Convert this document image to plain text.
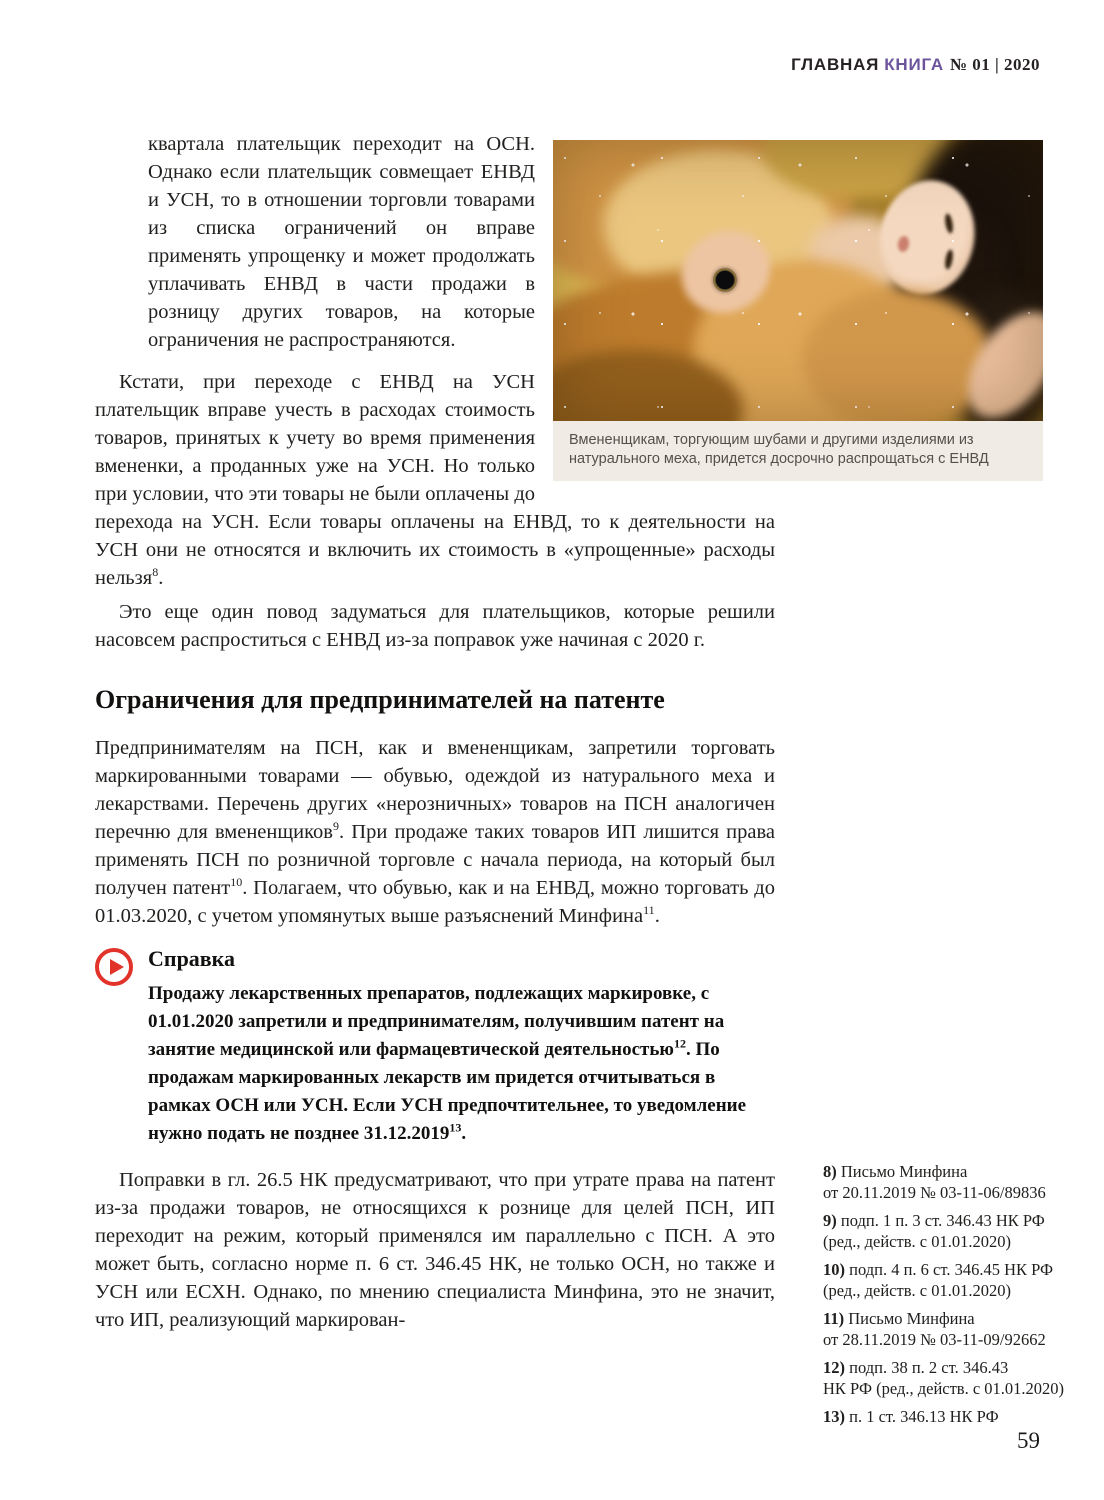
ГЛАВНАЯ КНИГА № 01 | 2020
Вмененщикам, торгующим шубами и другими изделиями из натурального меха, придется досрочно распрощаться с ЕНВД

квартала плательщик переходит на ОСН. Однако если плательщик совмещает ЕНВД и УСН, то в отношении торговли товарами из списка ограничений он вправе применять упрощенку и может продолжать уплачивать ЕНВД в части продажи в розницу других товаров, на которые ограничения не распространяются.

Кстати, при переходе с ЕНВД на УСН плательщик вправе учесть в расходах стоимость товаров, принятых к учету во время применения вмененки, а проданных уже на УСН. Но только при условии, что эти товары не были оплачены до перехода на УСН. Если товары оплачены на ЕНВД, то к деятельности на УСН они не относятся и включить их стоимость в «упрощенные» расходы нельзя$^8$.

Это еще один повод задуматься для плательщиков, которые решили насовсем распроститься с ЕНВД из-за поправок уже начиная с 2020 г.

Ограничения для предпринимателей на патенте

Предпринимателям на ПСН, как и вмененщикам, запретили торговать маркированными товарами — обувью, одеждой из натурального меха и лекарствами. Перечень других «нерозничных» товаров на ПСН аналогичен перечню для вмененщиков$^9$. При продаже таких товаров ИП лишится права применять ПСН по розничной торговле с начала периода, на который был получен патент$^{10}$. Полагаем, что обувью, как и на ЕНВД, можно торговать до 01.03.2020, с учетом упомянутых выше разъяснений Минфина$^{11}$.

Справка
Продажу лекарственных препаратов, подлежащих маркировке, с 01.01.2020 запретили и предпринимателям, получившим патент на занятие медицинской или фармацевтической деятельностью$^{12}$. По продажам маркированных лекарств им придется отчитываться в рамках ОСН или УСН. Если УСН предпочтительнее, то уведомление нужно подать не позднее 31.12.2019$^{13}$.

Поправки в гл. 26.5 НК предусматривают, что при утрате права на патент из-за продажи товаров, не относящихся к рознице для целей ПСН, ИП переходит на режим, который применялся им параллельно с ПСН. А это может быть, согласно норме п. 6 ст. 346.45 НК, не только ОСН, но также и УСН или ЕСХН. Однако, по мнению специалиста Минфина, это не значит, что ИП, реализующий маркирован-

8) Письмо Минфина
от 20.11.2019 № 03-11-06/89836
9) подп. 1 п. 3 ст. 346.43 НК РФ
(ред., действ. с 01.01.2020)
10) подп. 4 п. 6 ст. 346.45 НК РФ
(ред., действ. с 01.01.2020)
11) Письмо Минфина
от 28.11.2019 № 03-11-09/92662
12) подп. 38 п. 2 ст. 346.43
НК РФ (ред., действ. с 01.01.2020)
13) п. 1 ст. 346.13 НК РФ
59
